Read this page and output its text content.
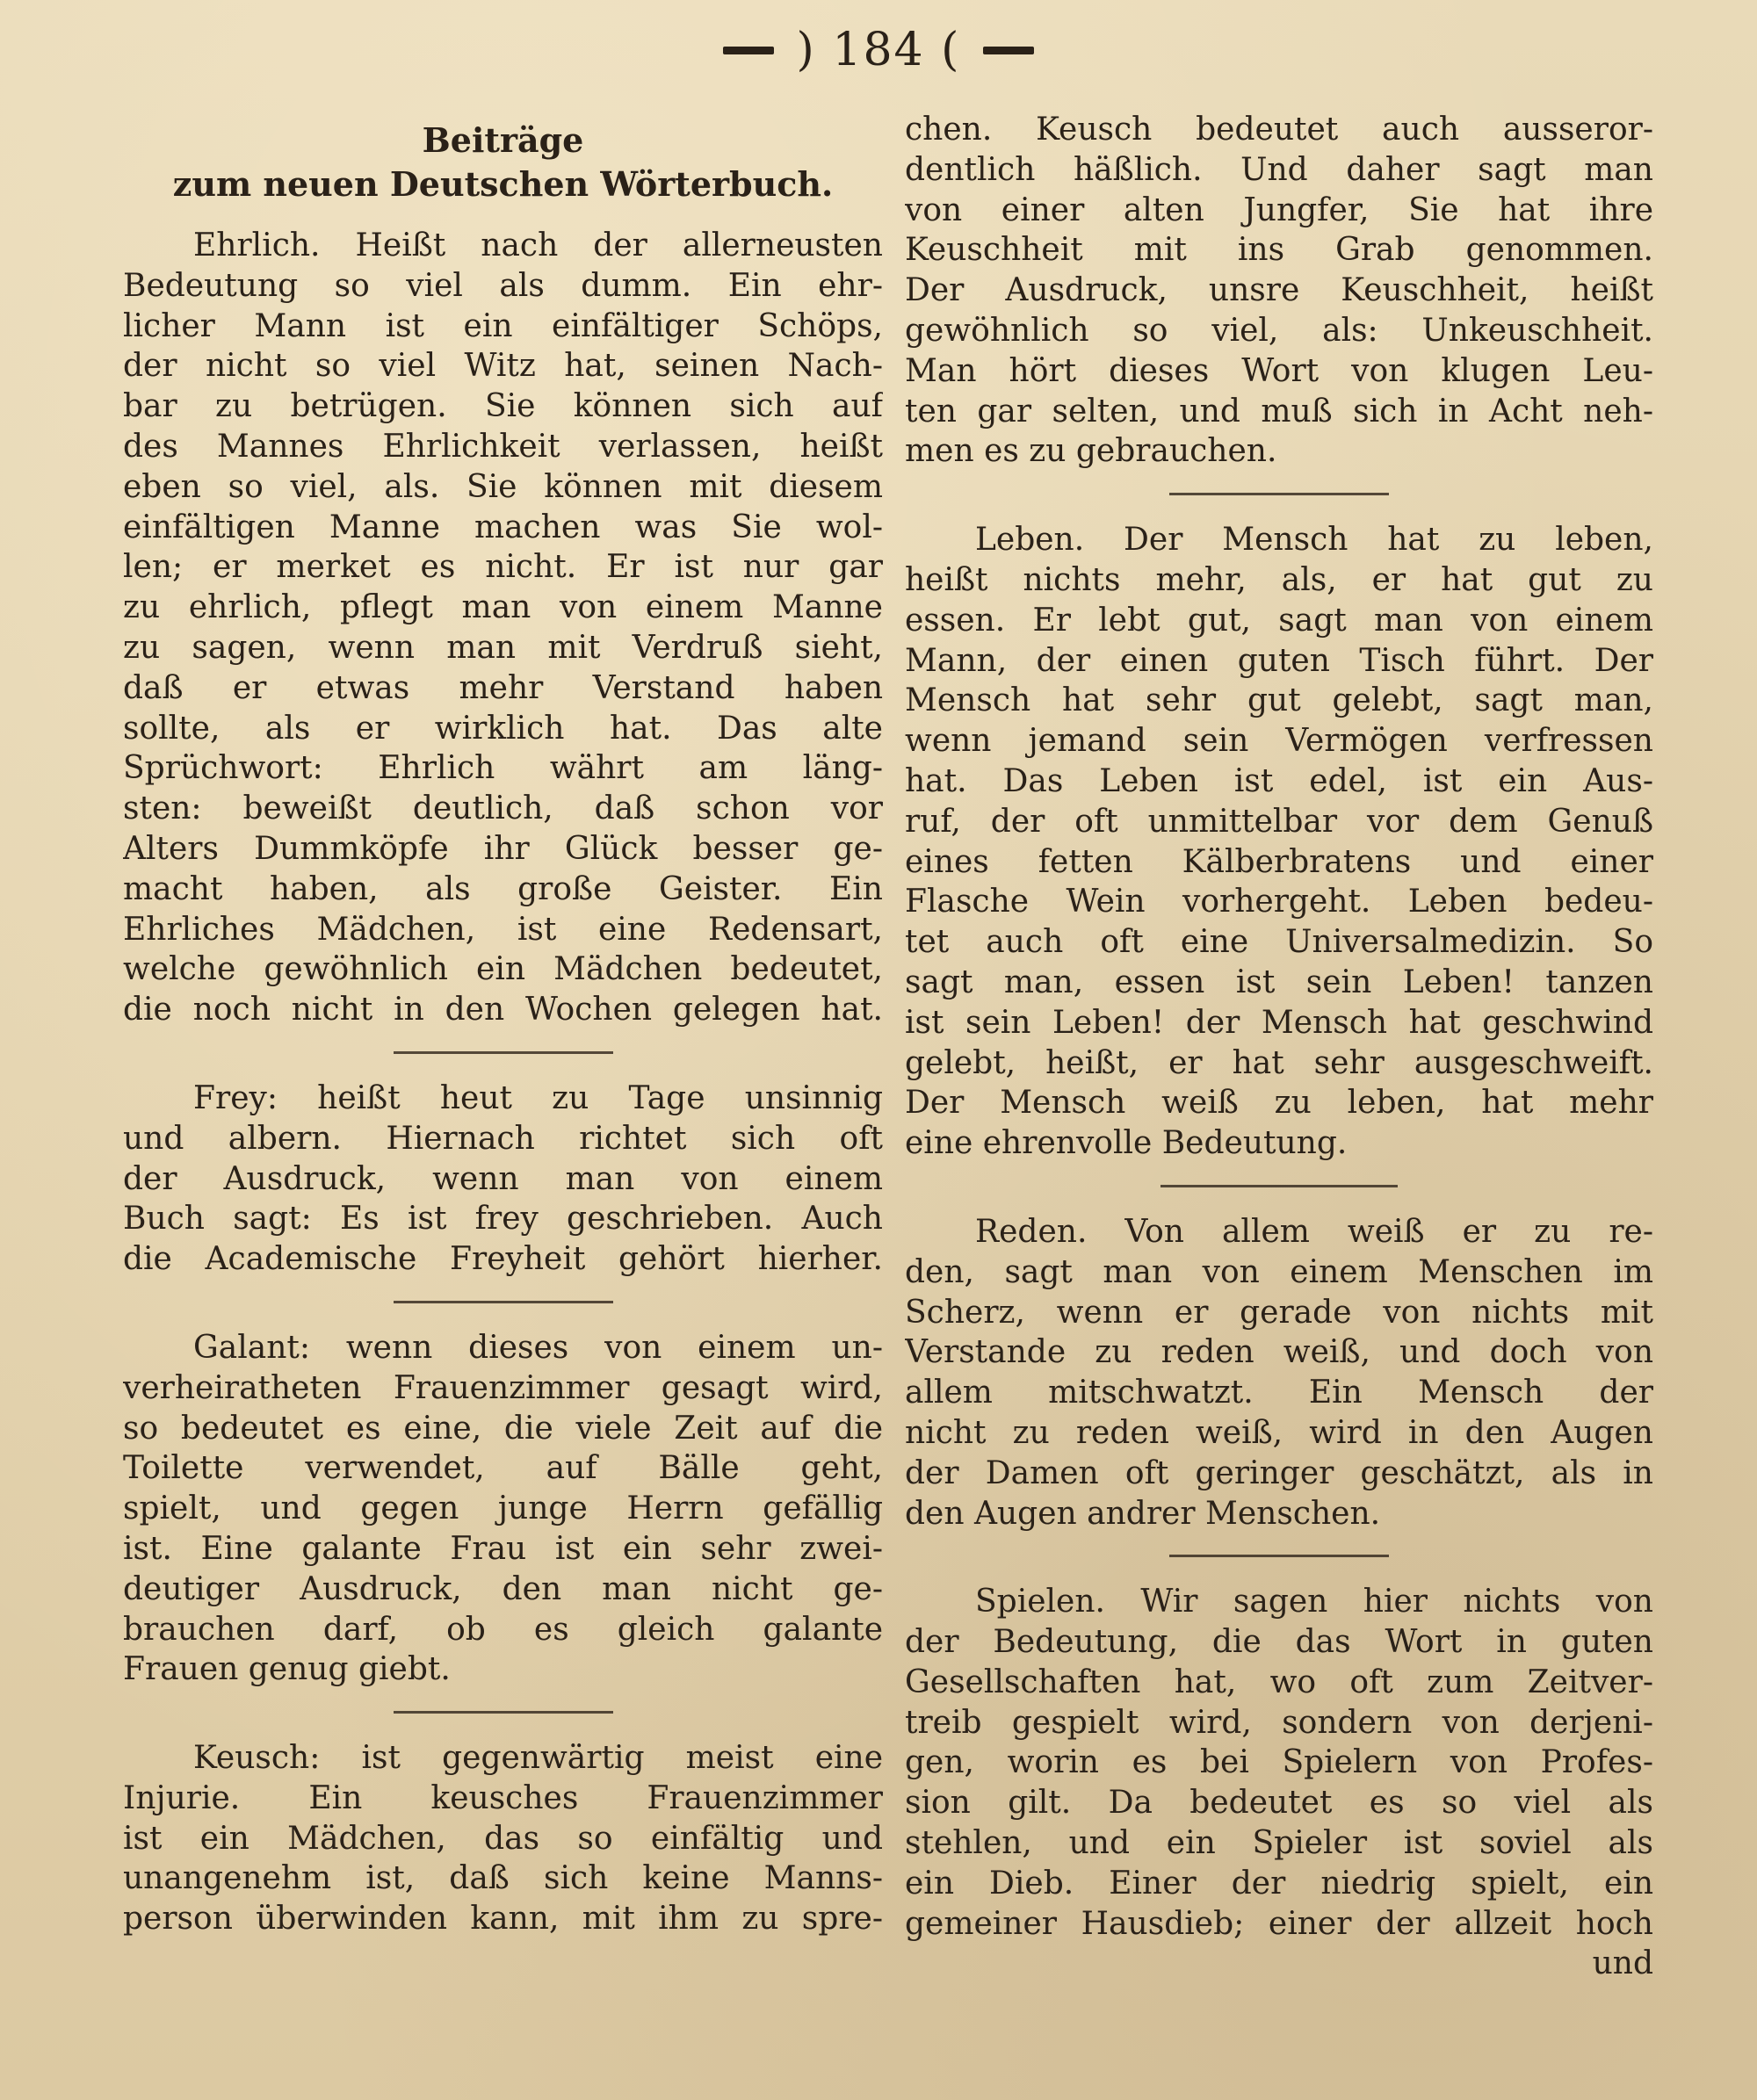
) 184 (
Beiträge
zum neuen Deutschen Wörterbuch.
Ehrlich. Heißt nach der allerneusten
Bedeutung so viel als dumm. Ein ehr-
licher Mann ist ein einfältiger Schöps,
der nicht so viel Witz hat, seinen Nach-
bar zu betrügen. Sie können sich auf
des Mannes Ehrlichkeit verlassen, heißt
eben so viel, als. Sie können mit diesem
einfältigen Manne machen was Sie wol-
len; er merket es nicht. Er ist nur gar
zu ehrlich, pflegt man von einem Manne
zu sagen, wenn man mit Verdruß sieht,
daß er etwas mehr Verstand haben
sollte, als er wirklich hat. Das alte
Sprüchwort: Ehrlich währt am läng-
sten: beweißt deutlich, daß schon vor
Alters Dummköpfe ihr Glück besser ge-
macht haben, als große Geister. Ein
Ehrliches Mädchen, ist eine Redensart,
welche gewöhnlich ein Mädchen bedeutet,
die noch nicht in den Wochen gelegen hat.
Frey: heißt heut zu Tage unsinnig
und albern. Hiernach richtet sich oft
der Ausdruck, wenn man von einem
Buch sagt: Es ist frey geschrieben. Auch
die Academische Freyheit gehört hierher.
Galant: wenn dieses von einem un-
verheiratheten Frauenzimmer gesagt wird,
so bedeutet es eine, die viele Zeit auf die
Toilette verwendet, auf Bälle geht,
spielt, und gegen junge Herrn gefällig
ist. Eine galante Frau ist ein sehr zwei-
deutiger Ausdruck, den man nicht ge-
brauchen darf, ob es gleich galante
Frauen genug giebt.
Keusch: ist gegenwärtig meist eine
Injurie. Ein keusches Frauenzimmer
ist ein Mädchen, das so einfältig und
unangenehm ist, daß sich keine Manns-
person überwinden kann, mit ihm zu spre-
chen. Keusch bedeutet auch ausseror-
dentlich häßlich. Und daher sagt man
von einer alten Jungfer, Sie hat ihre
Keuschheit mit ins Grab genommen.
Der Ausdruck, unsre Keuschheit, heißt
gewöhnlich so viel, als: Unkeuschheit.
Man hört dieses Wort von klugen Leu-
ten gar selten, und muß sich in Acht neh-
men es zu gebrauchen.
Leben. Der Mensch hat zu leben,
heißt nichts mehr, als, er hat gut zu
essen. Er lebt gut, sagt man von einem
Mann, der einen guten Tisch führt. Der
Mensch hat sehr gut gelebt, sagt man,
wenn jemand sein Vermögen verfressen
hat. Das Leben ist edel, ist ein Aus-
ruf, der oft unmittelbar vor dem Genuß
eines fetten Kälberbratens und einer
Flasche Wein vorhergeht. Leben bedeu-
tet auch oft eine Universalmedizin. So
sagt man, essen ist sein Leben! tanzen
ist sein Leben! der Mensch hat geschwind
gelebt, heißt, er hat sehr ausgeschweift.
Der Mensch weiß zu leben, hat mehr
eine ehrenvolle Bedeutung.
Reden. Von allem weiß er zu re-
den, sagt man von einem Menschen im
Scherz, wenn er gerade von nichts mit
Verstande zu reden weiß, und doch von
allem mitschwatzt. Ein Mensch der
nicht zu reden weiß, wird in den Augen
der Damen oft geringer geschätzt, als in
den Augen andrer Menschen.
Spielen. Wir sagen hier nichts von
der Bedeutung, die das Wort in guten
Gesellschaften hat, wo oft zum Zeitver-
treib gespielt wird, sondern von derjeni-
gen, worin es bei Spielern von Profes-
sion gilt. Da bedeutet es so viel als
stehlen, und ein Spieler ist soviel als
ein Dieb. Einer der niedrig spielt, ein
gemeiner Hausdieb; einer der allzeit hoch
und
